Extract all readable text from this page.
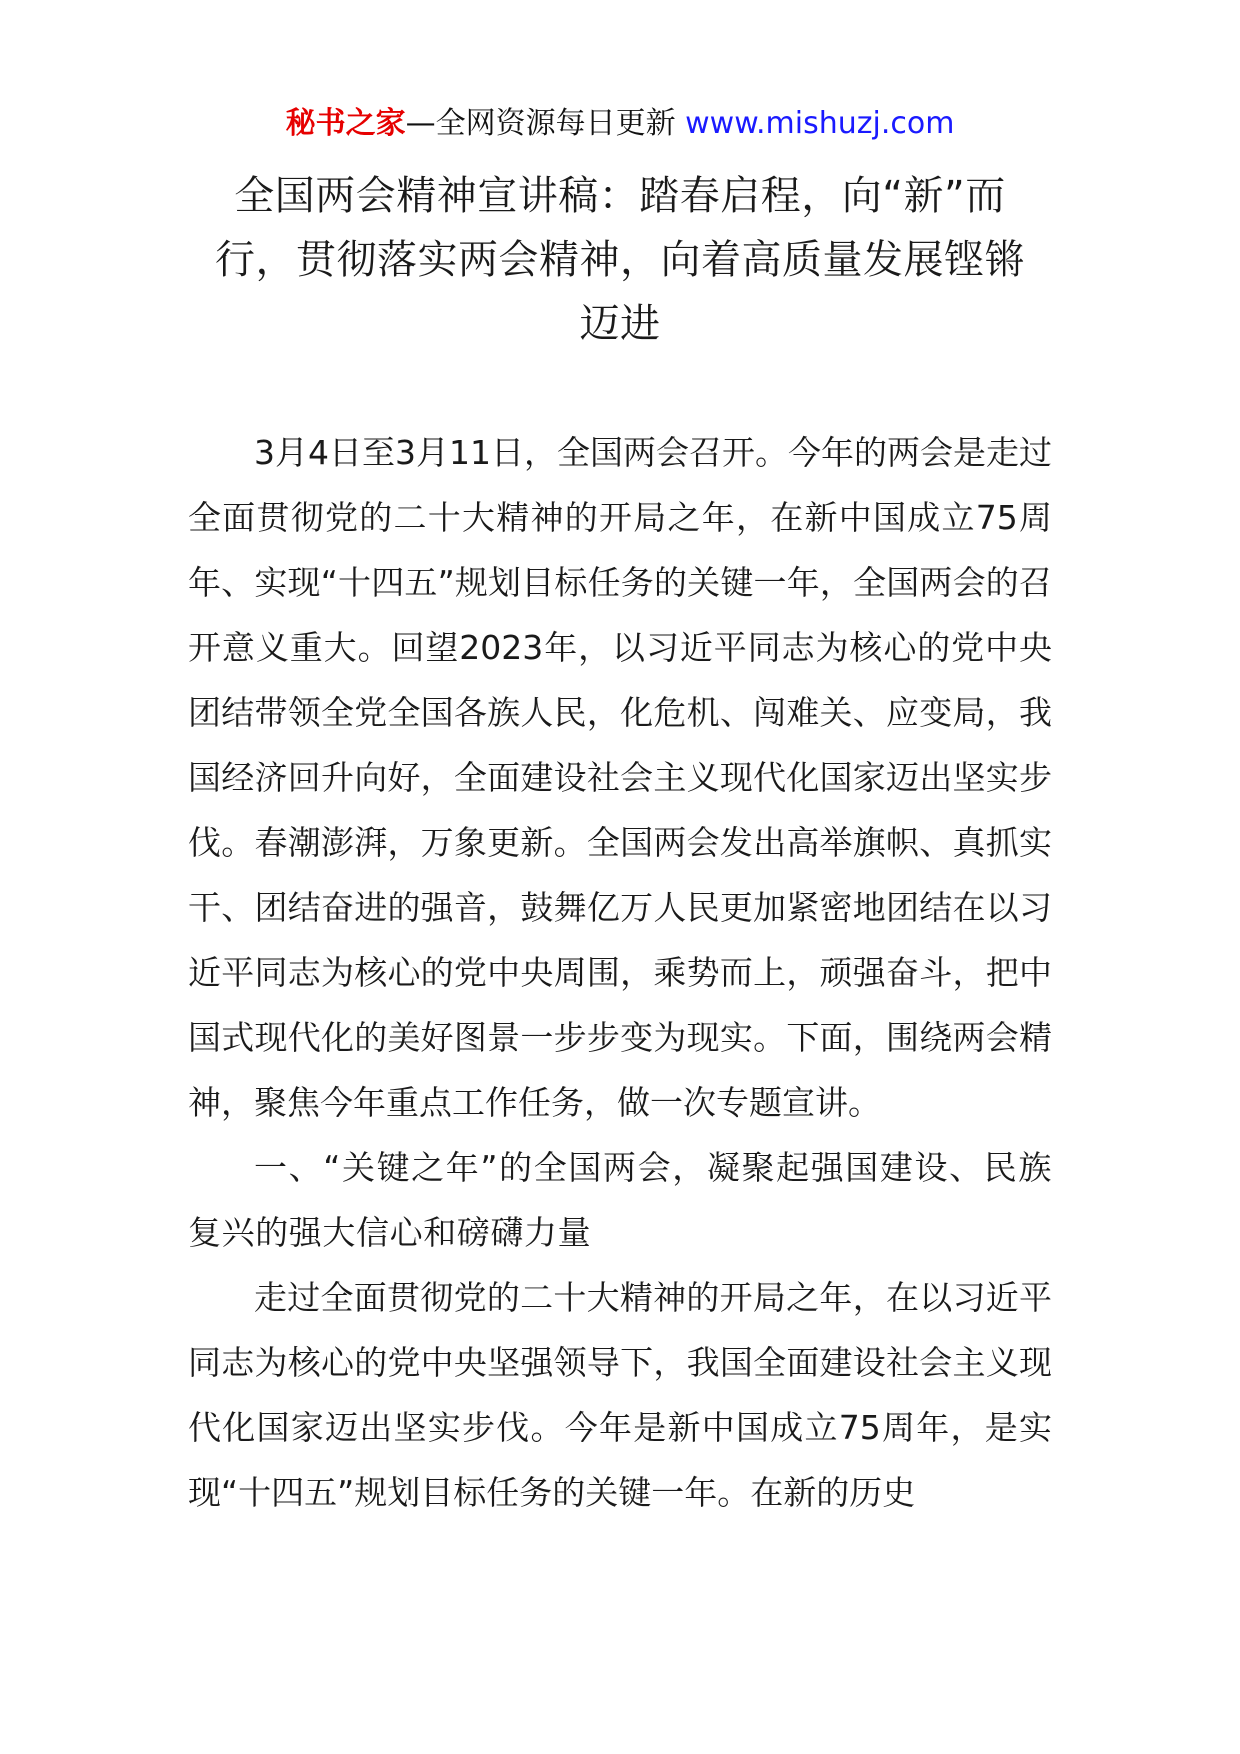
秘书之家—全网资源每日更新 www.mishuzj.com
全国两会精神宣讲稿：踏春启程，向“新”而
行，贯彻落实两会精神，向着高质量发展铿锵
迈进

3月4日至3月11日，全国两会召开。今年的两会是走过全面贯彻党的二十大精神的开局之年，在新中国成立75周年、实现“十四五”规划目标任务的关键一年，全国两会的召开意义重大。回望2023年，以习近平同志为核心的党中央团结带领全党全国各族人民，化危机、闯难关、应变局，我国经济回升向好，全面建设社会主义现代化国家迈出坚实步伐。春潮澎湃，万象更新。全国两会发出高举旗帜、真抓实干、团结奋进的强音，鼓舞亿万人民更加紧密地团结在以习近平同志为核心的党中央周围，乘势而上，顽强奋斗，把中国式现代化的美好图景一步步变为现实。下面，围绕两会精神，聚焦今年重点工作任务，做一次专题宣讲。

一、“关键之年”的全国两会，凝聚起强国建设、民族复兴的强大信心和磅礴力量

走过全面贯彻党的二十大精神的开局之年，在以习近平同志为核心的党中央坚强领导下，我国全面建设社会主义现代化国家迈出坚实步伐。今年是新中国成立75周年，是实现“十四五”规划目标任务的关键一年。在新的历史
